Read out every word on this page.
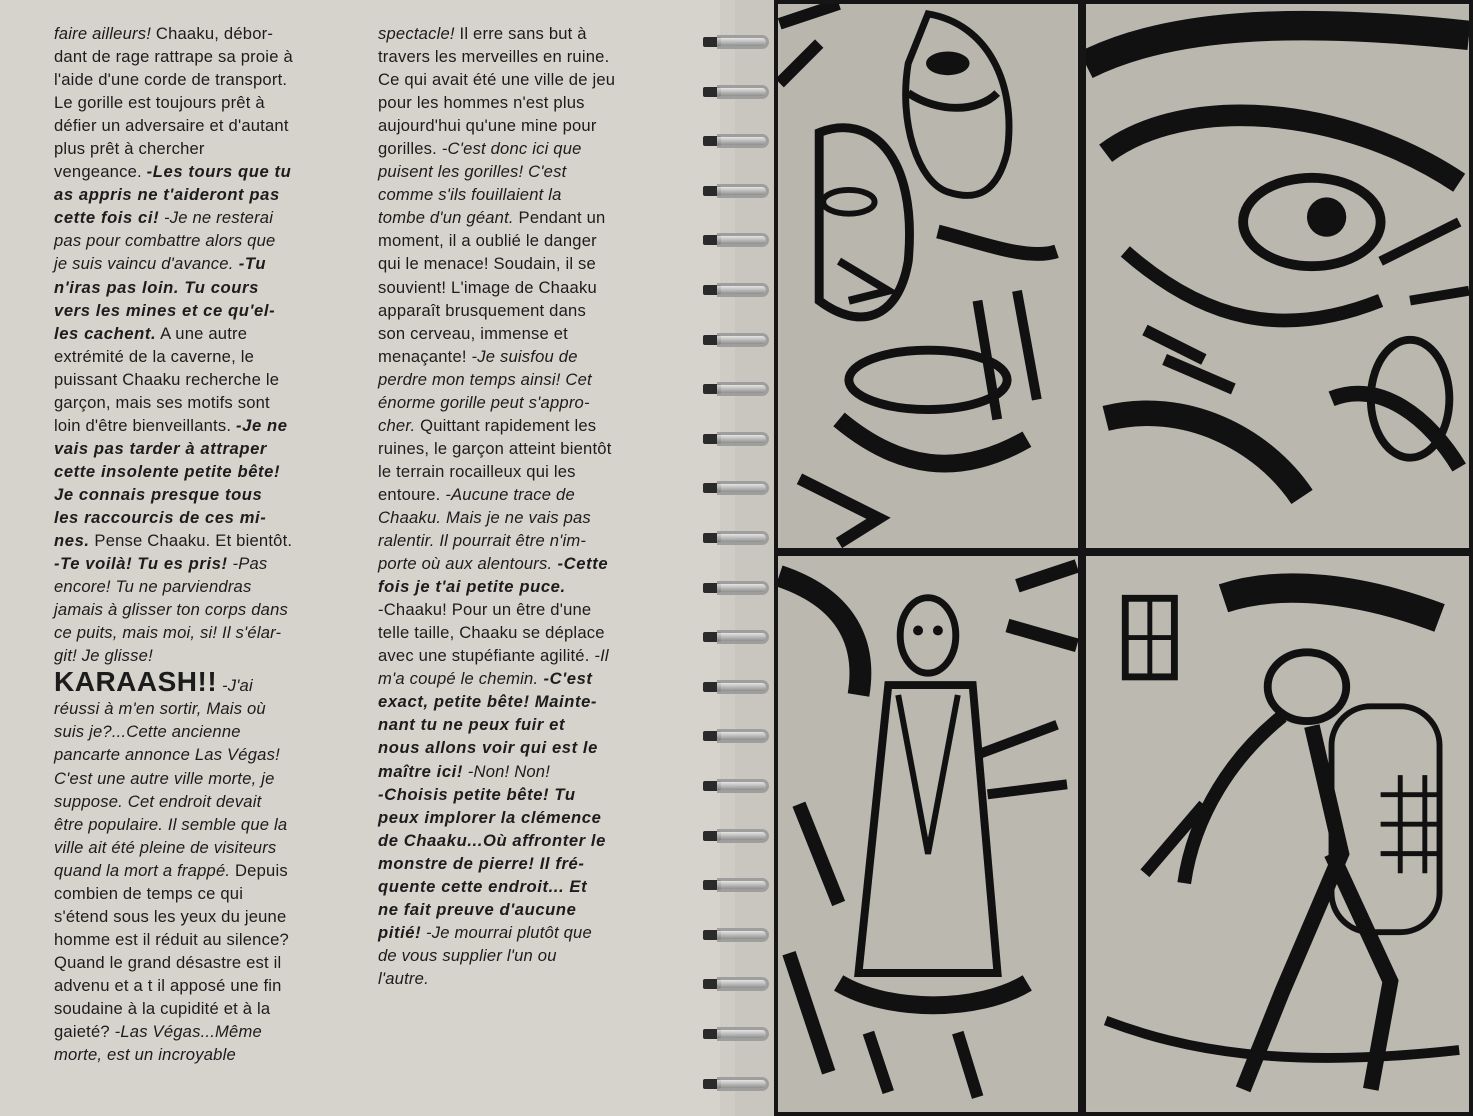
faire ailleurs! Chaaku, débor-
dant de rage rattrape sa proie à
l'aide d'une corde de transport.
Le gorille est toujours prêt à
défier un adversaire et d'autant
plus prêt à chercher
vengeance. -Les tours que tu
as appris ne t'aideront pas
cette fois ci! -Je ne resterai
pas pour combattre alors que
je suis vaincu d'avance. -Tu
n'iras pas loin. Tu cours
vers les mines et ce qu'el-
les cachent. A une autre
extrémité de la caverne, le
puissant Chaaku recherche le
garçon, mais ses motifs sont
loin d'être bienveillants. -Je ne
vais pas tarder à attraper
cette insolente petite bête!
Je connais presque tous
les raccourcis de ces mi-
nes. Pense Chaaku. Et bientôt.
-Te voilà! Tu es pris! -Pas
encore! Tu ne parviendras
jamais à glisser ton corps dans
ce puits, mais moi, si! Il s'élar-
git! Je glisse!
KARAASH!! -J'ai
réussi à m'en sortir, Mais où
suis je?...Cette ancienne
pancarte annonce Las Végas!
C'est une autre ville morte, je
suppose. Cet endroit devait
être populaire. Il semble que la
ville ait été pleine de visiteurs
quand la mort a frappé. Depuis
combien de temps ce qui
s'étend sous les yeux du jeune
homme est il réduit au silence?
Quand le grand désastre est il
advenu et a t il apposé une fin
soudaine à la cupidité et à la
gaieté? -Las Végas...Même
morte, est un incroyable
spectacle! Il erre sans but à
travers les merveilles en ruine.
Ce qui avait été une ville de jeu
pour les hommes n'est plus
aujourd'hui qu'une mine pour
gorilles. -C'est donc ici que
puisent les gorilles! C'est
comme s'ils fouillaient la
tombe d'un géant. Pendant un
moment, il a oublié le danger
qui le menace! Soudain, il se
souvient! L'image de Chaaku
apparaît brusquement dans
son cerveau, immense et
menaçante! -Je suisfou de
perdre mon temps ainsi! Cet
énorme gorille peut s'appro-
cher. Quittant rapidement les
ruines, le garçon atteint bientôt
le terrain rocailleux qui les
entoure. -Aucune trace de
Chaaku. Mais je ne vais pas
ralentir. Il pourrait être n'im-
porte où aux alentours. -Cette
fois je t'ai petite puce.
-Chaaku! Pour un être d'une
telle taille, Chaaku se déplace
avec une stupéfiante agilité. -Il
m'a coupé le chemin. -C'est
exact, petite bête! Mainte-
nant tu ne peux fuir et
nous allons voir qui est le
maître ici! -Non! Non!
-Choisis petite bête! Tu
peux implorer la clémence
de Chaaku...Où affronter le
monstre de pierre! Il fré-
quente cette endroit... Et
ne fait preuve d'aucune
pitié! -Je mourrai plutôt que
de vous supplier l'un ou
l'autre.
